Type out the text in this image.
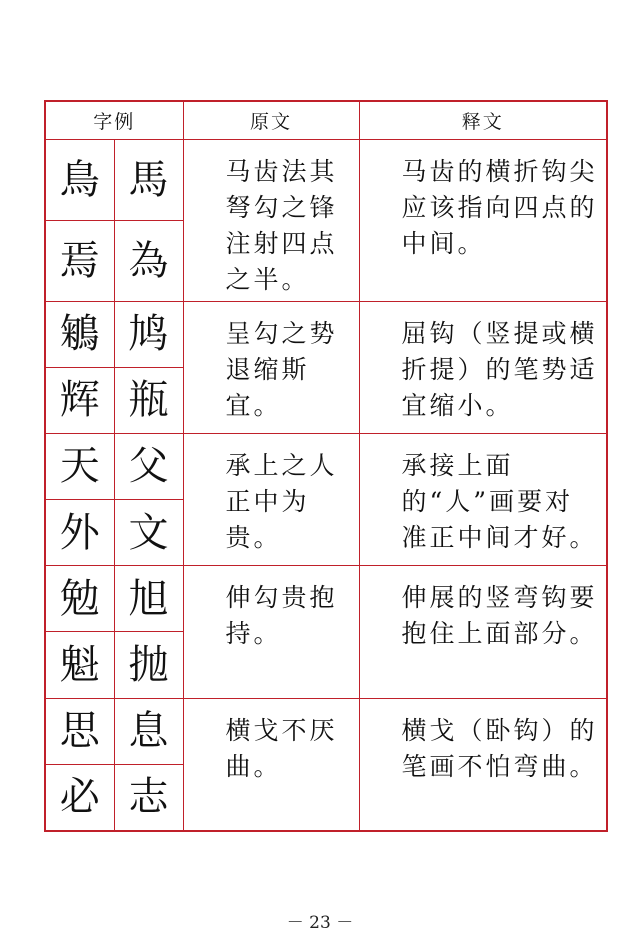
字例		原文	释文
鳥	馬	马齿法其弩勾之锋注射四点之半。	马齿的横折钩尖应该指向四点的中间。

焉	為		
鵴	鸠	呈勾之势退缩斯宜。	屈钩（竖提或横折提）的笔势适宜缩小。

辉	瓶		
天	父	承上之人正中为贵。	承接上面的“人”画要对准正中间才好。

外	文		
勉	旭	伸勾贵抱持。	伸展的竖弯钩要抱住上面部分。

魁	抛		
思	息	横戈不厌曲。	横戈（卧钩）的笔画不怕弯曲。

必	志		
－ 23 －
